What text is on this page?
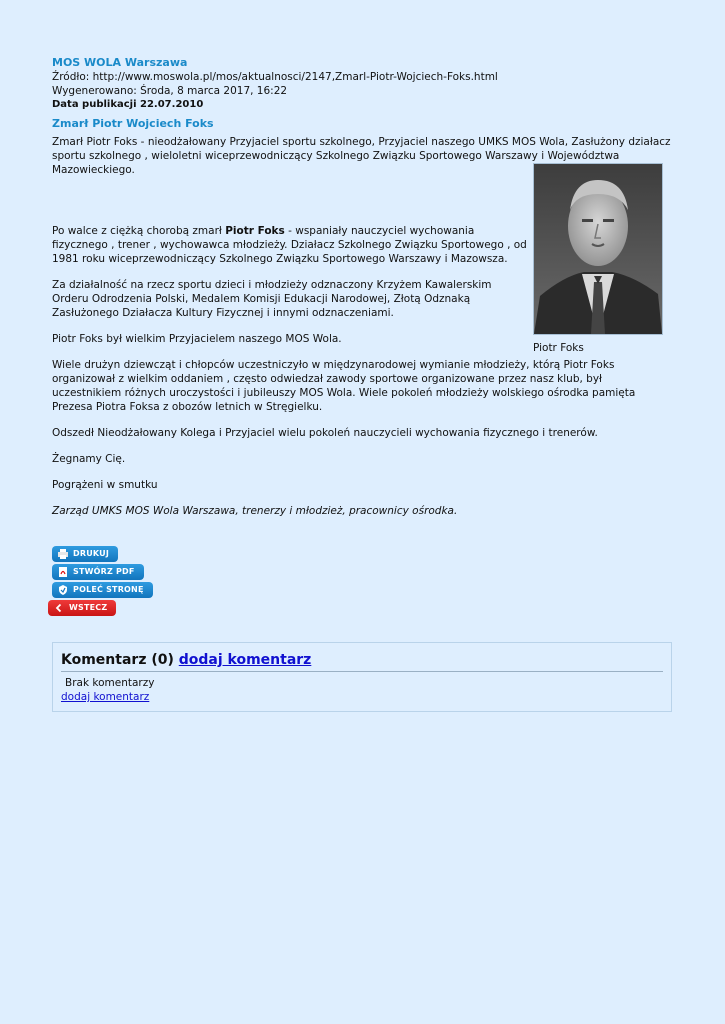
MOS WOLA Warszawa
Źródło: http://www.moswola.pl/mos/aktualnosci/2147,Zmarl-Piotr-Wojciech-Foks.html
Wygenerowano: Środa, 8 marca 2017, 16:22
Data publikacji 22.07.2010
Zmarł Piotr Wojciech Foks

Zmarł Piotr Foks - nieodżałowany Przyjaciel sportu szkolnego, Przyjaciel naszego UMKS MOS Wola, Zasłużony działacz sportu szkolnego , wieloletni wiceprzewodniczący Szkolnego Związku Sportowego Warszawy i Województwa Mazowieckiego.

Piotr Foks

Po walce z ciężką chorobą zmarł Piotr Foks - wspaniały nauczyciel wychowania fizycznego , trener , wychowawca młodzieży. Działacz Szkolnego Związku Sportowego , od 1981 roku wiceprzewodniczący Szkolnego Związku Sportowego Warszawy i Mazowsza.

Za działalność na rzecz sportu dzieci i młodzieży odznaczony Krzyżem Kawalerskim Orderu Odrodzenia Polski, Medalem Komisji Edukacji Narodowej, Złotą Odznaką Zasłużonego Działacza Kultury Fizycznej i innymi odznaczeniami.

Piotr Foks był wielkim Przyjacielem naszego MOS Wola.

Wiele drużyn dziewcząt i chłopców uczestniczyło w międzynarodowej wymianie młodzieży, którą Piotr Foks organizował z wielkim oddaniem , często odwiedzał zawody sportowe organizowane przez nasz klub, był uczestnikiem różnych uroczystości i jubileuszy MOS Wola. Wiele pokoleń młodzieży wolskiego ośrodka pamięta Prezesa Piotra Foksa z obozów letnich w Stręgielku.

Odszedł Nieodżałowany Kolega i Przyjaciel wielu pokoleń nauczycieli wychowania fizycznego i trenerów.

Żegnamy Cię.

Pogrążeni w smutku

Zarząd UMKS MOS Wola Warszawa, trenerzy i młodzież, pracownicy ośrodka.

DRUKUJ
STWÓRZ PDF
POLEĆ STRONĘ
WSTECZ
Komentarz (0) dodaj komentarz
Brak komentarzy
dodaj komentarz
